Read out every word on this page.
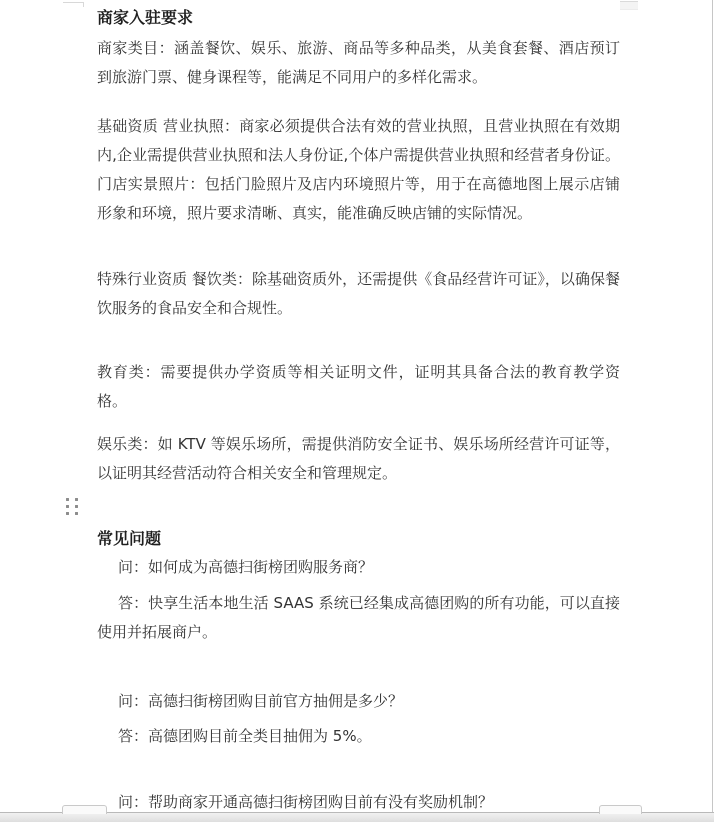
商家入驻要求

商家类目：涵盖餐饮、娱乐、旅游、商品等多种品类，从美食套餐、酒店预订到旅游门票、健身课程等，能满足不同用户的多样化需求。

基础资质 营业执照：商家必须提供合法有效的营业执照，且营业执照在有效期内,企业需提供营业执照和法人身份证,个体户需提供营业执照和经营者身份证。门店实景照片：包括门脸照片及店内环境照片等，用于在高德地图上展示店铺形象和环境，照片要求清晰、真实，能准确反映店铺的实际情况。

特殊行业资质 餐饮类：除基础资质外，还需提供《食品经营许可证》，以确保餐饮服务的食品安全和合规性。

教育类：需要提供办学资质等相关证明文件，证明其具备合法的教育教学资格。

娱乐类：如 KTV 等娱乐场所，需提供消防安全证书、娱乐场所经营许可证等，以证明其经营活动符合相关安全和管理规定。

常见问题

问：如何成为高德扫街榜团购服务商？

答：快享生活本地生活 SAAS 系统已经集成高德团购的所有功能，可以直接使用并拓展商户。

问：高德扫街榜团购目前官方抽佣是多少？

答：高德团购目前全类目抽佣为 5%。

问：帮助商家开通高德扫街榜团购目前有没有奖励机制？
